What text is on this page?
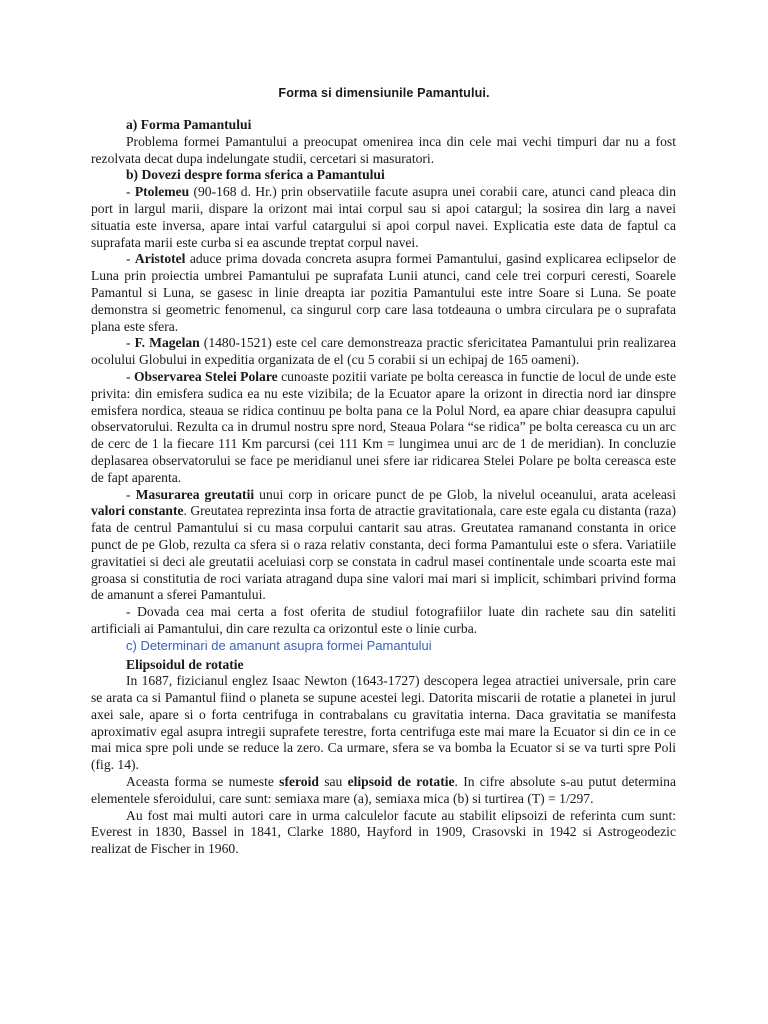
Forma si dimensiunile Pamantului.

a) Forma Pamantului

Problema formei Pamantului a preocupat omenirea inca din cele mai vechi timpuri dar nu a fost rezolvata decat dupa indelungate studii, cercetari si masuratori.

b) Dovezi despre forma sferica a Pamantului

- Ptolemeu (90-168 d. Hr.) prin observatiile facute asupra unei corabii care, atunci cand pleaca din port in largul marii, dispare la orizont mai intai corpul sau si apoi catargul; la sosirea din larg a navei situatia este inversa, apare intai varful catargului si apoi corpul navei. Explicatia este data de faptul ca suprafata marii este curba si ea ascunde treptat corpul navei.

- Aristotel aduce prima dovada concreta asupra formei Pamantului, gasind explicarea eclipselor de Luna prin proiectia umbrei Pamantului pe suprafata Lunii atunci, cand cele trei corpuri ceresti, Soarele Pamantul si Luna, se gasesc in linie dreapta iar pozitia Pamantului este intre Soare si Luna. Se poate demonstra si geometric fenomenul, ca singurul corp care lasa totdeauna o umbra circulara pe o suprafata plana este sfera.

- F. Magelan (1480-1521) este cel care demonstreaza practic sfericitatea Pamantului prin realizarea ocolului Globului in expeditia organizata de el (cu 5 corabii si un echipaj de 165 oameni).

- Observarea Stelei Polare cunoaste pozitii variate pe bolta cereasca in functie de locul de unde este privita: din emisfera sudica ea nu este vizibila; de la Ecuator apare la orizont in directia nord iar dinspre emisfera nordica, steaua se ridica continuu pe bolta pana ce la Polul Nord, ea apare chiar deasupra capului observatorului. Rezulta ca in drumul nostru spre nord, Steaua Polara “se ridica” pe bolta cereasca cu un arc de cerc de 1 la fiecare 111 Km parcursi (cei 111 Km = lungimea unui arc de 1 de meridian). In concluzie deplasarea observatorului se face pe meridianul unei sfere iar ridicarea Stelei Polare pe bolta cereasca este de fapt aparenta.

- Masurarea greutatii unui corp in oricare punct de pe Glob, la nivelul oceanului, arata aceleasi valori constante. Greutatea reprezinta insa forta de atractie gravitationala, care este egala cu distanta (raza) fata de centrul Pamantului si cu masa corpului cantarit sau atras. Greutatea ramanand constanta in orice punct de pe Glob, rezulta ca sfera si o raza relativ constanta, deci forma Pamantului este o sfera. Variatiile gravitatiei si deci ale greutatii aceluiasi corp se constata in cadrul masei continentale unde scoarta este mai groasa si constitutia de roci variata atragand dupa sine valori mai mari si implicit, schimbari privind forma de amanunt a sferei Pamantului.

- Dovada cea mai certa a fost oferita de studiul fotografiilor luate din rachete sau din sateliti artificiali ai Pamantului, din care rezulta ca orizontul este o linie curba.

c) Determinari de amanunt asupra formei Pamantului

Elipsoidul de rotatie

In 1687, fizicianul englez Isaac Newton (1643-1727) descopera legea atractiei universale, prin care se arata ca si Pamantul fiind o planeta se supune acestei legi. Datorita miscarii de rotatie a planetei in jurul axei sale, apare si o forta centrifuga in contrabalans cu gravitatia interna. Daca gravitatia se manifesta aproximativ egal asupra intregii suprafete terestre, forta centrifuga este mai mare la Ecuator si din ce in ce mai mica spre poli unde se reduce la zero. Ca urmare, sfera se va bomba la Ecuator si se va turti spre Poli (fig. 14).

Aceasta forma se numeste sferoid sau elipsoid de rotatie. In cifre absolute s-au putut determina elementele sferoidului, care sunt: semiaxa mare (a), semiaxa mica (b) si turtirea (T) = 1/297.

Au fost mai multi autori care in urma calculelor facute au stabilit elipsoizi de referinta cum sunt: Everest in 1830, Bassel in 1841, Clarke 1880, Hayford in 1909, Crasovski in 1942 si Astrogeodezic realizat de Fischer in 1960.
